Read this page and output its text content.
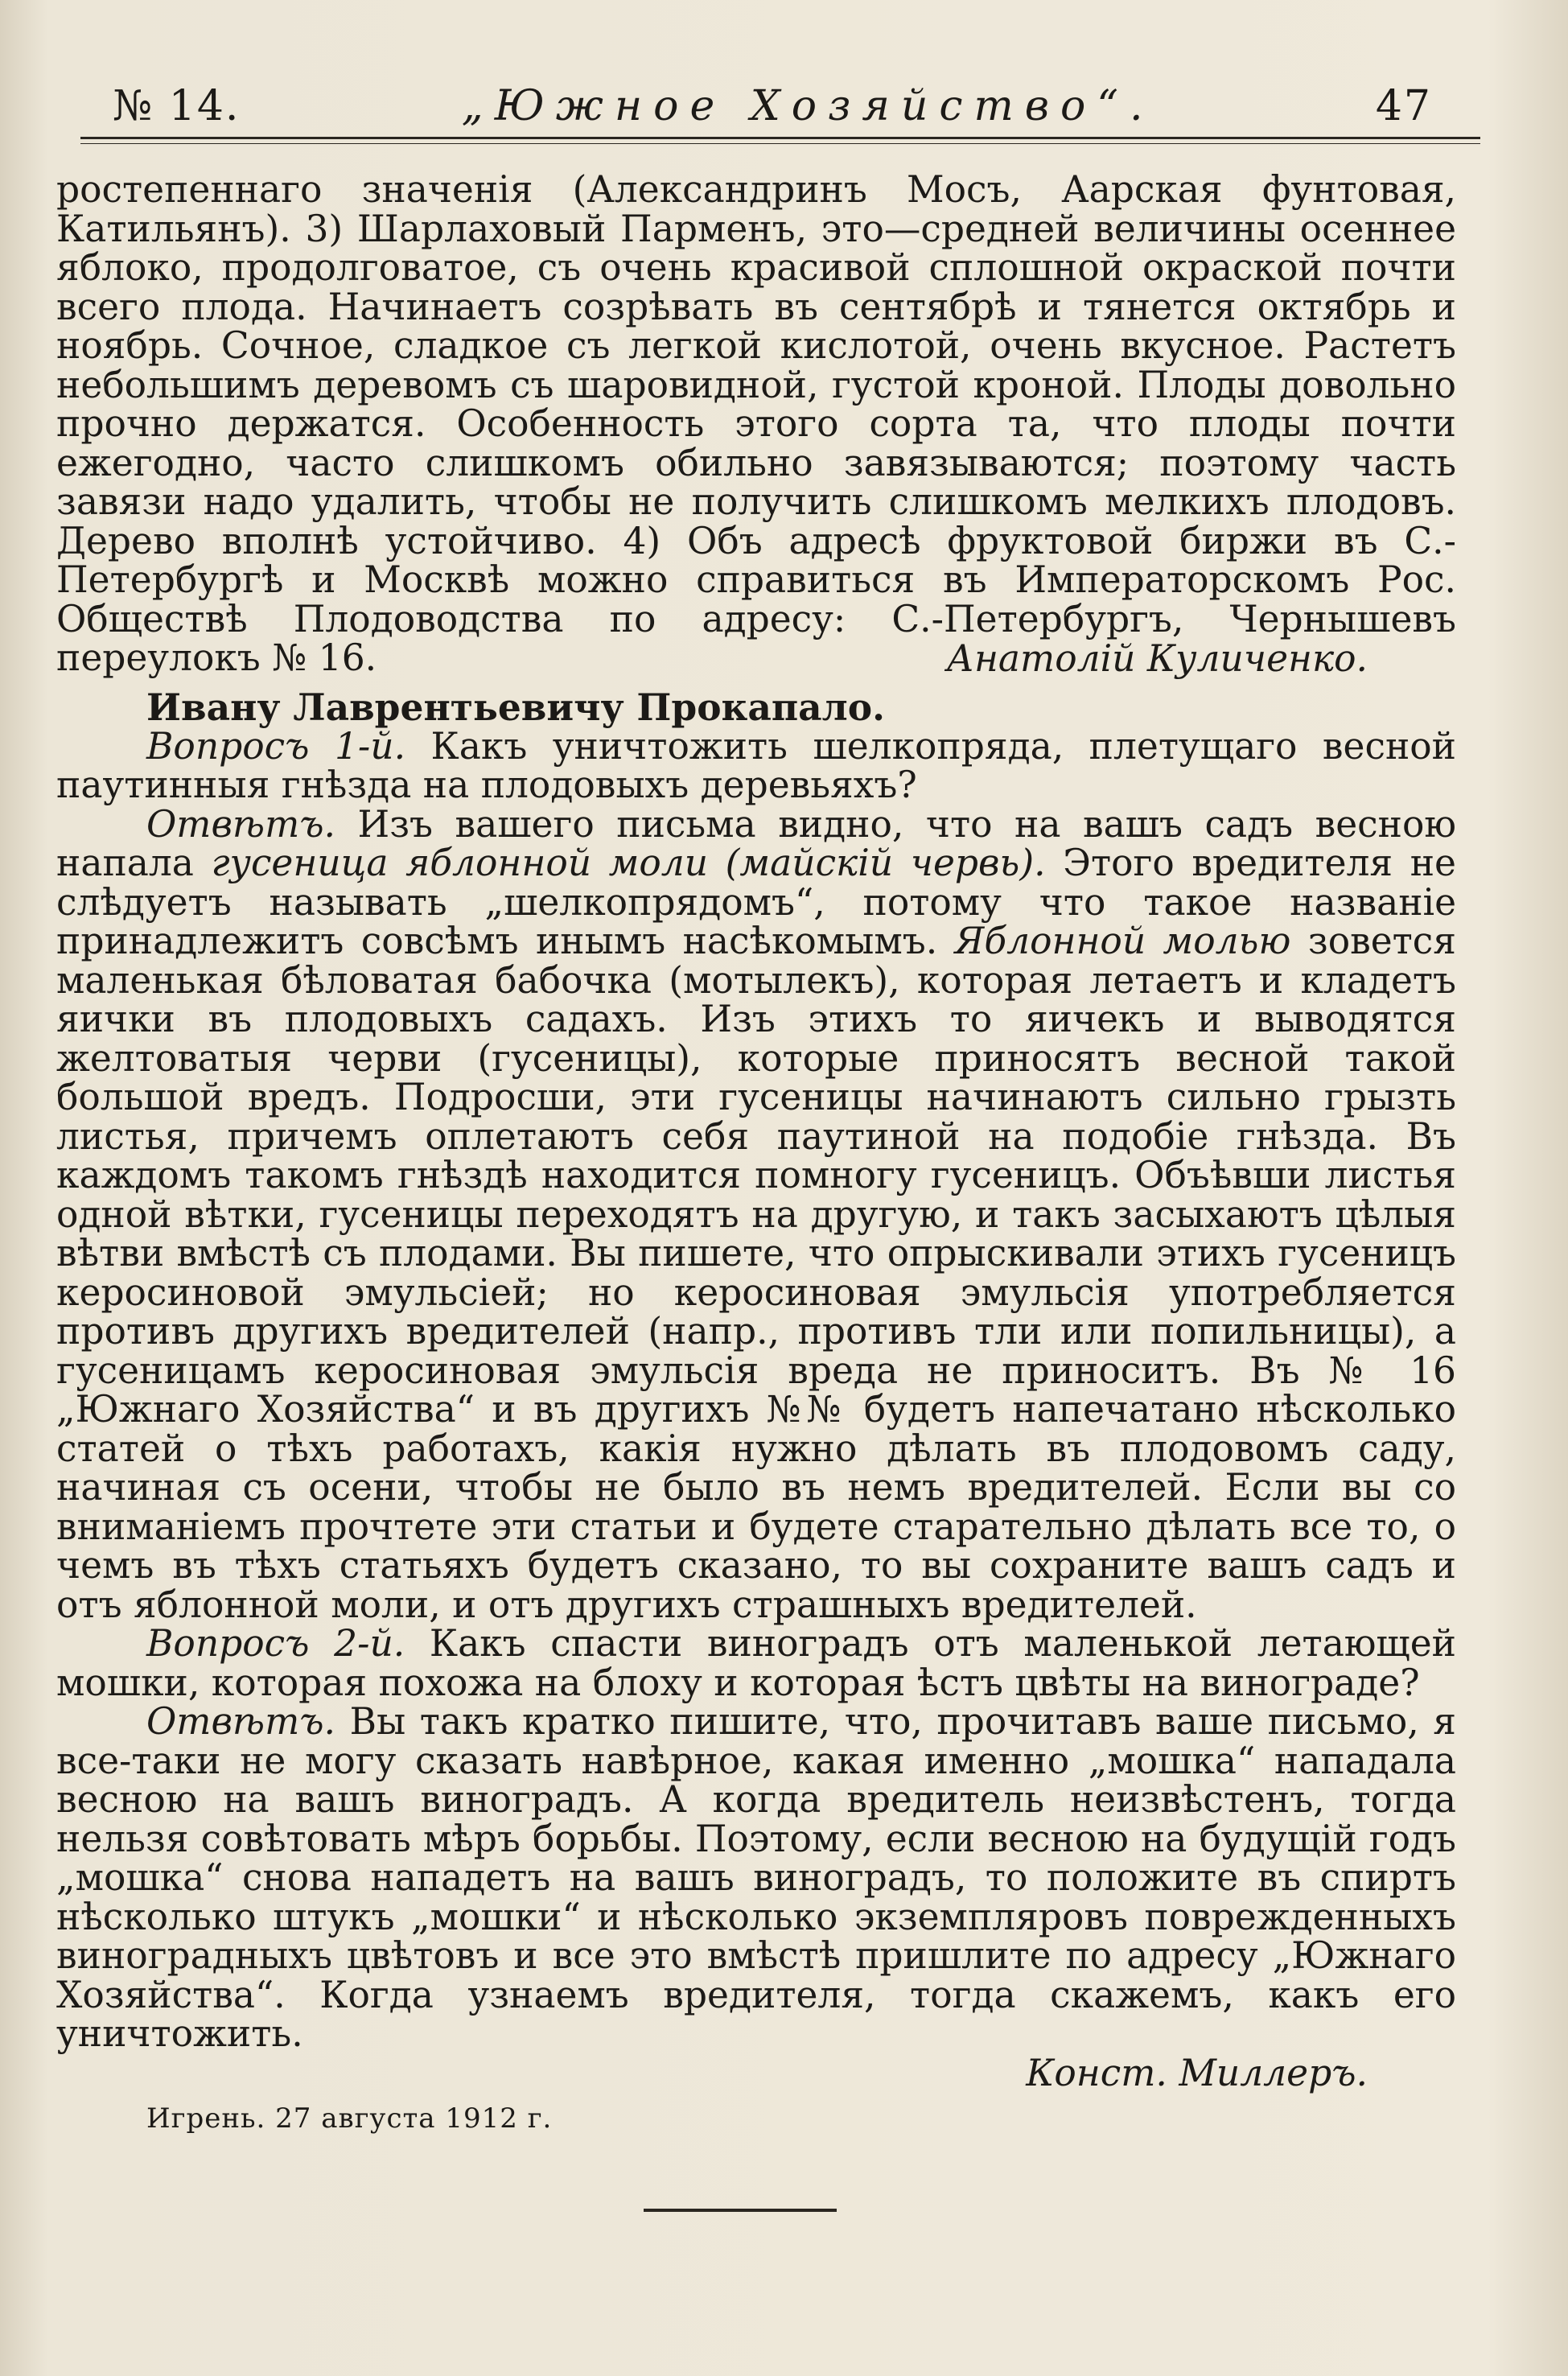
№ 14.	„Южное Хозяйство“.	47

ростепеннаго значенія (Александринъ Мосъ, Аарская фунтовая, Катильянъ). 3) Шарлаховый Парменъ, это—средней величины осеннее яблоко, продолговатое, съ очень красивой сплошной окраской почти всего плода. Начинаетъ созрѣвать въ сентябрѣ и тянется октябрь и ноябрь. Сочное, сладкое съ легкой кислотой, очень вкусное. Растетъ небольшимъ деревомъ съ шаровидной, густой кроной. Плоды довольно прочно держатся. Особенность этого сорта та, что плоды почти ежегодно, часто слишкомъ обильно завязываются; поэтому часть завязи надо удалить, чтобы не получить слишкомъ мелкихъ плодовъ. Дерево вполнѣ устойчиво. 4) Объ адресѣ фруктовой биржи въ С.-Петербургѣ и Москвѣ можно справиться въ Императорскомъ Рос. Обществѣ Плодоводства по адресу: С.-Петербургъ, Чернышевъ переулокъ № 16.	Анатолій Куличенко.

Ивану Лаврентьевичу Прокапало.

Вопросъ 1-й. Какъ уничтожить шелкопряда, плетущаго весной паутинныя гнѣзда на плодовыхъ деревьяхъ?

Отвѣтъ. Изъ вашего письма видно, что на вашъ садъ весною напала гусеница яблонной моли (майскій червь). Этого вредителя не слѣдуетъ называть „шелкопрядомъ“, потому что такое названіе принадлежитъ совсѣмъ инымъ насѣкомымъ. Яблонной молью зовется маленькая бѣловатая бабочка (мотылекъ), которая летаетъ и кладетъ яички въ плодовыхъ садахъ. Изъ этихъ то яичекъ и выводятся желтоватыя черви (гусеницы), которые приносятъ весной такой большой вредъ. Подросши, эти гусеницы начинаютъ сильно грызть листья, причемъ оплетаютъ себя паутиной на подобіе гнѣзда. Въ каждомъ такомъ гнѣздѣ находится помногу гусеницъ. Объѣвши листья одной вѣтки, гусеницы переходятъ на другую, и такъ засыхаютъ цѣлыя вѣтви вмѣстѣ съ плодами. Вы пишете, что опрыскивали этихъ гусеницъ керосиновой эмульсіей; но керосиновая эмульсія употребляется противъ другихъ вредителей (напр., противъ тли или попильницы), а гусеницамъ керосиновая эмульсія вреда не приноситъ. Въ № 16 „Южнаго Хозяйства“ и въ другихъ №№ будетъ напечатано нѣсколько статей о тѣхъ работахъ, какія нужно дѣлать въ плодовомъ саду, начиная съ осени, чтобы не было въ немъ вредителей. Если вы со вниманіемъ прочтете эти статьи и будете старательно дѣлать все то, о чемъ въ тѣхъ статьяхъ будетъ сказано, то вы сохраните вашъ садъ и отъ яблонной моли, и отъ другихъ страшныхъ вредителей.

Вопросъ 2-й. Какъ спасти виноградъ отъ маленькой летающей мошки, которая похожа на блоху и которая ѣстъ цвѣты на винограде?

Отвѣтъ. Вы такъ кратко пишите, что, прочитавъ ваше письмо, я все-таки не могу сказать навѣрное, какая именно „мошка“ нападала весною на вашъ виноградъ. А когда вредитель неизвѣстенъ, тогда нельзя совѣтовать мѣръ борьбы. Поэтому, если весною на будущій годъ „мошка“ снова нападетъ на вашъ виноградъ, то положите въ спиртъ нѣсколько штукъ „мошки“ и нѣсколько экземпляровъ поврежденныхъ виноградныхъ цвѣтовъ и все это вмѣстѣ пришлите по адресу „Южнаго Хозяйства“. Когда узнаемъ вредителя, тогда скажемъ, какъ его уничтожить.

Конст. Миллеръ.

Игрень. 27 августа 1912 г.
